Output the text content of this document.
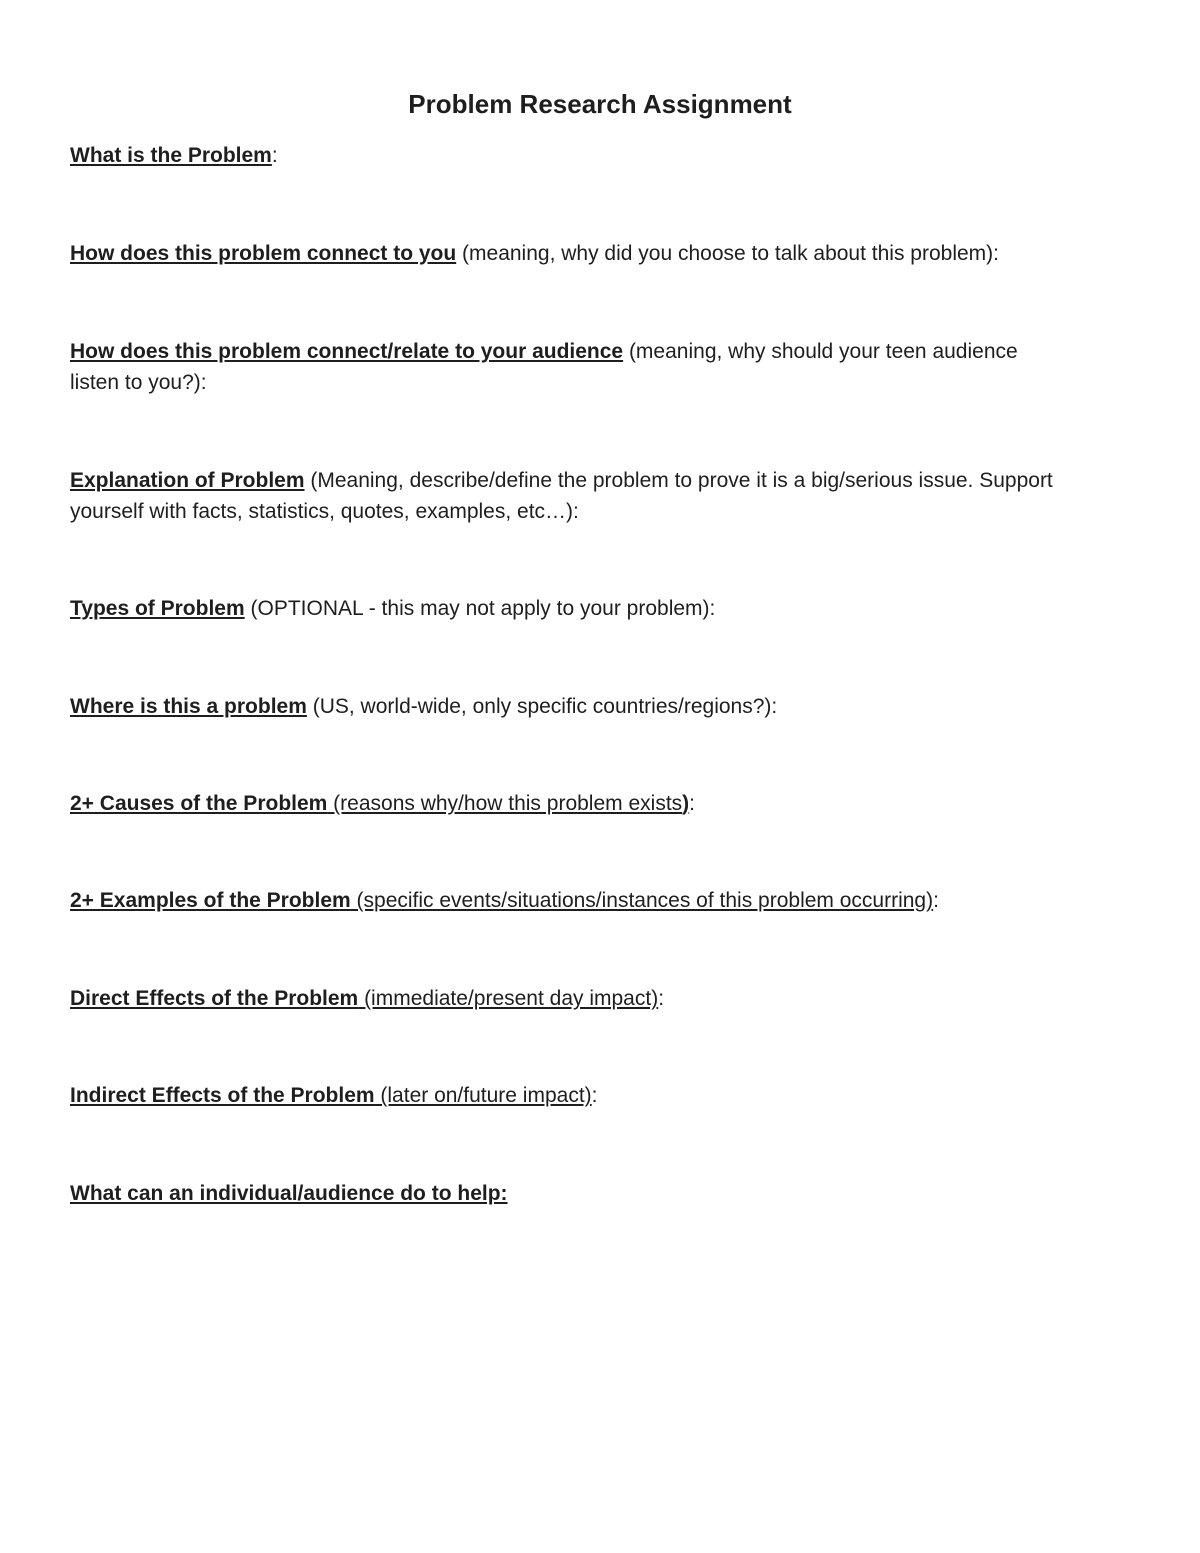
Problem Research Assignment
What is the Problem:
How does this problem connect to you (meaning, why did you choose to talk about this problem):
How does this problem connect/relate to your audience (meaning, why should your teen audience listen to you?):
Explanation of Problem (Meaning, describe/define the problem to prove it is a big/serious issue. Support yourself with facts, statistics, quotes, examples, etc…):
Types of Problem (OPTIONAL - this may not apply to your problem):
Where is this a problem (US, world-wide, only specific countries/regions?):
2+ Causes of the Problem (reasons why/how this problem exists):
2+ Examples of the Problem (specific events/situations/instances of this problem occurring):
Direct Effects of the Problem (immediate/present day impact):
Indirect Effects of the Problem (later on/future impact):
What can an individual/audience do to help:
